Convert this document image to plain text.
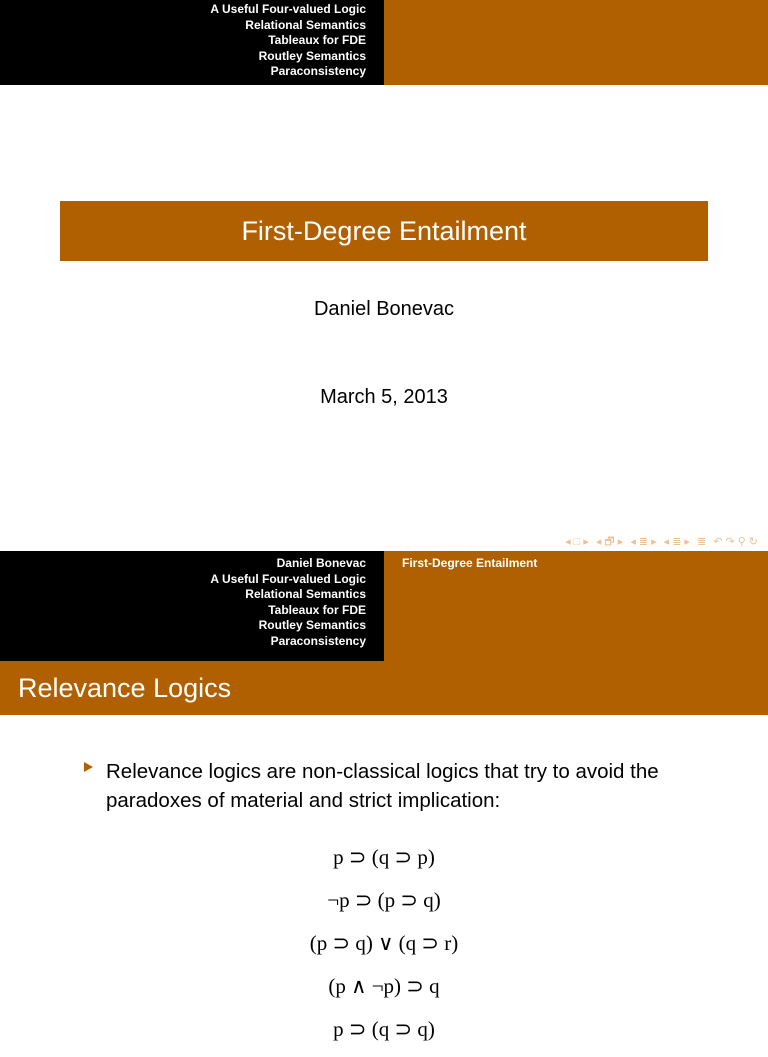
A Useful Four-valued Logic
Relational Semantics
Tableaux for FDE
Routley Semantics
Paraconsistency
First-Degree Entailment
Daniel Bonevac
March 5, 2013
◂ □ ▸ ◂ 🗗 ▸ ◂ ≣ ▸ ◂ ≣ ▸ ≣ ↶ ↷ ⚲ ↻
Daniel Bonevac
A Useful Four-valued Logic
Relational Semantics
Tableaux for FDE
Routley Semantics
Paraconsistency
First-Degree Entailment
Relevance Logics
Relevance logics are non-classical logics that try to avoid the paradoxes of material and strict implication:
p ⊃ (q ⊃ p)
¬p ⊃ (p ⊃ q)
(p ⊃ q) ∨ (q ⊃ r)
(p ∧ ¬p) ⊃ q
p ⊃ (q ⊃ q)
